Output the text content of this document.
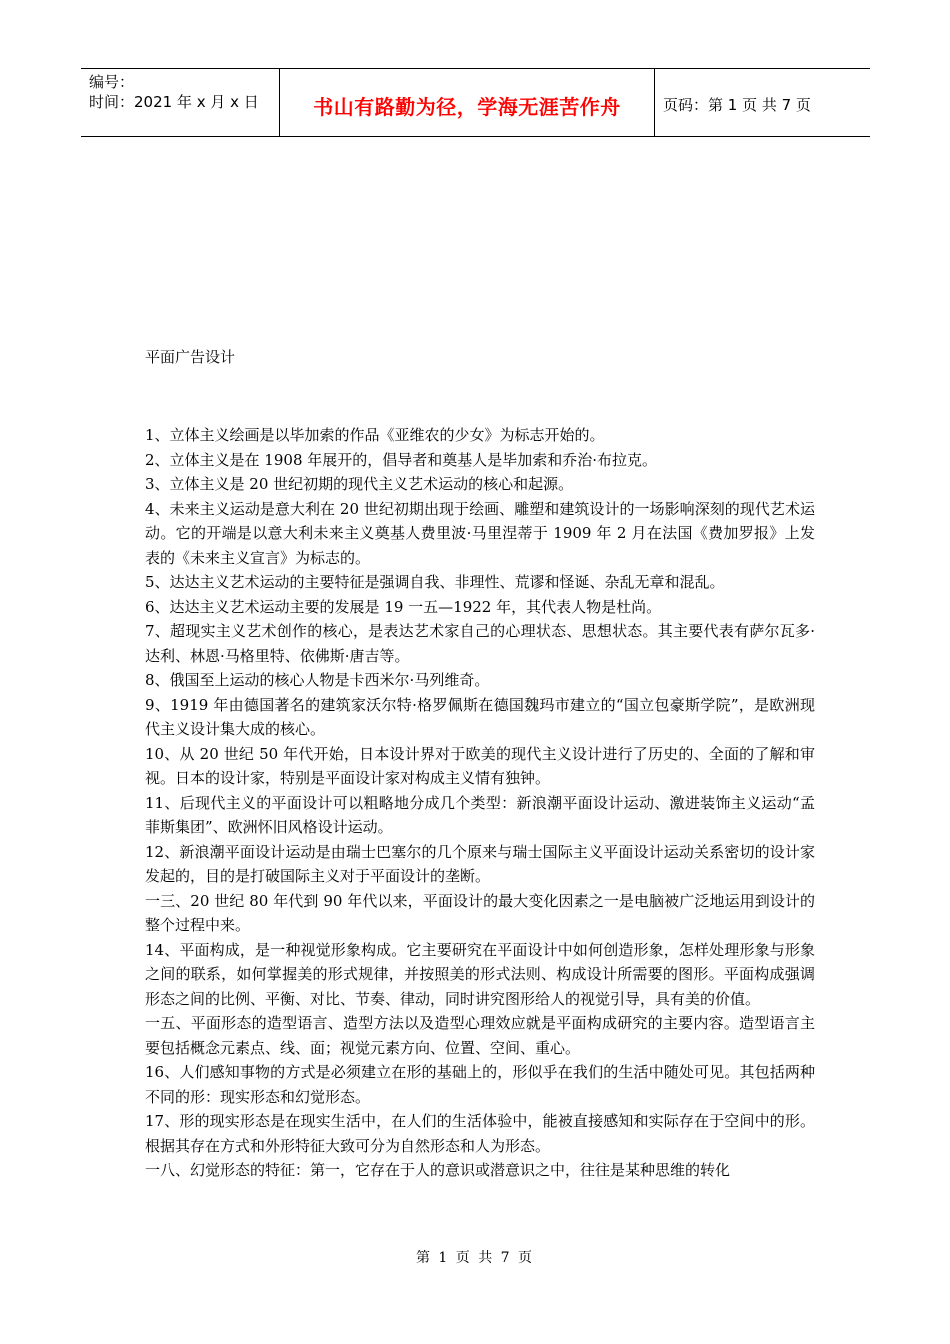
编号：
时间：2021 年 x 月 x 日	书山有路勤为径，学海无涯苦作舟	页码：第 1 页 共 7 页
平面广告设计

1、立体主义绘画是以毕加索的作品《亚维农的少女》为标志开始的。

2、立体主义是在 1908 年展开的，倡导者和奠基人是毕加索和乔治·布拉克。

3、立体主义是 20 世纪初期的现代主义艺术运动的核心和起源。

4、未来主义运动是意大利在 20 世纪初期出现于绘画、雕塑和建筑设计的一场影响深刻的现代艺术运动。它的开端是以意大利未来主义奠基人费里波·马里涅蒂于 1909 年 2 月在法国《费加罗报》上发表的《未来主义宣言》为标志的。

5、达达主义艺术运动的主要特征是强调自我、非理性、荒谬和怪诞、杂乱无章和混乱。

6、达达主义艺术运动主要的发展是 19 一五—1922 年，其代表人物是杜尚。

7、超现实主义艺术创作的核心，是表达艺术家自己的心理状态、思想状态。其主要代表有萨尔瓦多·达利、林恩·马格里特、依佛斯·唐吉等。

8、俄国至上运动的核心人物是卡西米尔·马列维奇。

9、1919 年由德国著名的建筑家沃尔特·格罗佩斯在德国魏玛市建立的“国立包豪斯学院”，是欧洲现代主义设计集大成的核心。

10、从 20 世纪 50 年代开始，日本设计界对于欧美的现代主义设计进行了历史的、全面的了解和审视。日本的设计家，特别是平面设计家对构成主义情有独钟。

11、后现代主义的平面设计可以粗略地分成几个类型：新浪潮平面设计运动、激进装饰主义运动“孟菲斯集团”、欧洲怀旧风格设计运动。

12、新浪潮平面设计运动是由瑞士巴塞尔的几个原来与瑞士国际主义平面设计运动关系密切的设计家发起的，目的是打破国际主义对于平面设计的垄断。

一三、20 世纪 80 年代到 90 年代以来，平面设计的最大变化因素之一是电脑被广泛地运用到设计的整个过程中来。

14、平面构成，是一种视觉形象构成。它主要研究在平面设计中如何创造形象，怎样处理形象与形象之间的联系，如何掌握美的形式规律，并按照美的形式法则、构成设计所需要的图形。平面构成强调形态之间的比例、平衡、对比、节奏、律动，同时讲究图形给人的视觉引导，具有美的价值。

一五、平面形态的造型语言、造型方法以及造型心理效应就是平面构成研究的主要内容。造型语言主要包括概念元素点、线、面；视觉元素方向、位置、空间、重心。

16、人们感知事物的方式是必须建立在形的基础上的，形似乎在我们的生活中随处可见。其包括两种不同的形：现实形态和幻觉形态。

17、形的现实形态是在现实生活中，在人们的生活体验中，能被直接感知和实际存在于空间中的形。根据其存在方式和外形特征大致可分为自然形态和人为形态。

一八、幻觉形态的特征：第一，它存在于人的意识或潜意识之中，往往是某种思维的转化

第 1 页 共 7 页
